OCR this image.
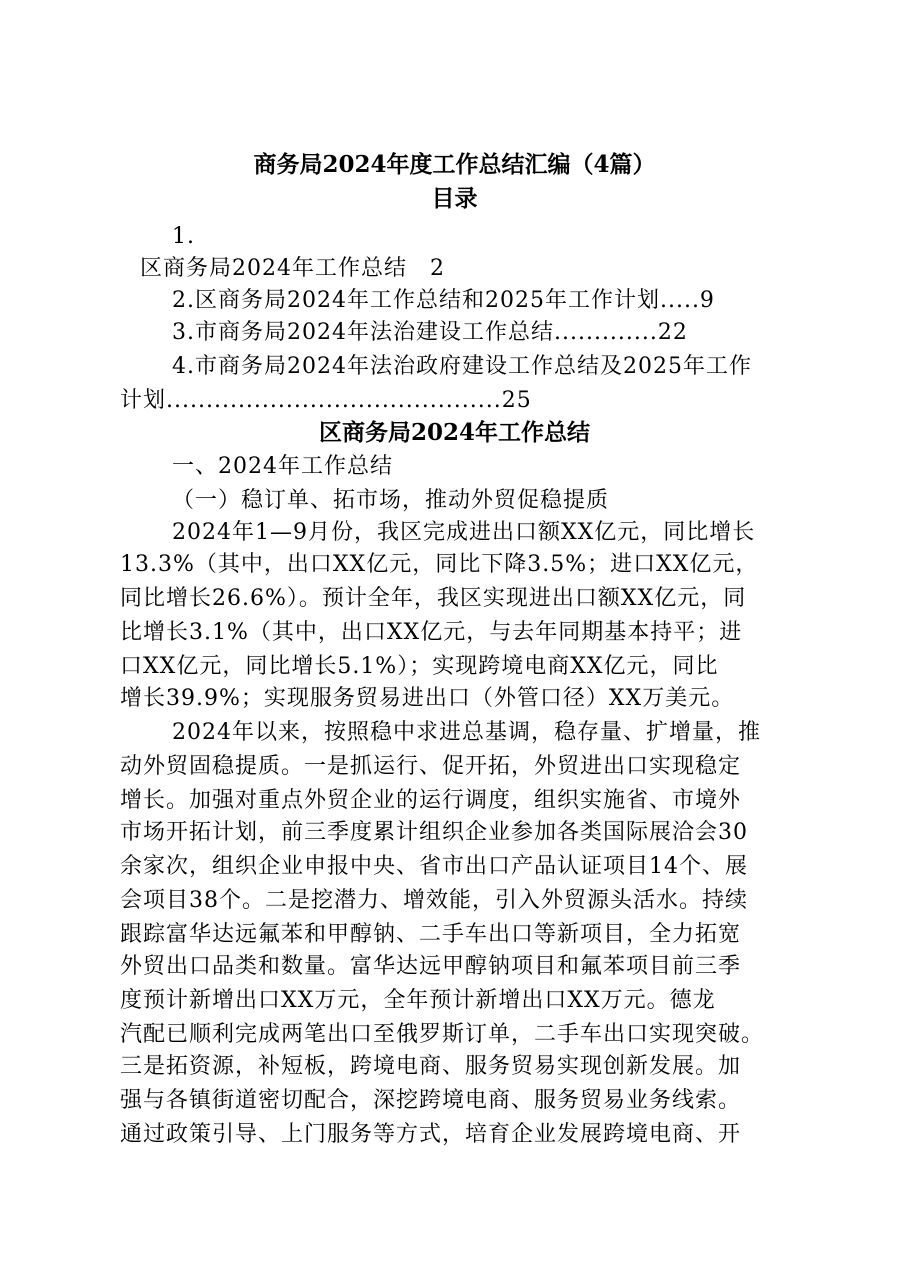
商务局2024年度工作总结汇编（4篇）
目录
1.
区商务局2024年工作总结　2
2.区商务局2024年工作总结和2025年工作计划.....9
3.市商务局2024年法治建设工作总结.............22
4.市商务局2024年法治政府建设工作总结及2025年工作
计划..........................................25
区商务局2024年工作总结
一、2024年工作总结
（一）稳订单、拓市场，推动外贸促稳提质
2024年1—9月份，我区完成进出口额XX亿元，同比增长
13.3%（其中，出口XX亿元，同比下降3.5%；进口XX亿元，
同比增长26.6%）。预计全年，我区实现进出口额XX亿元，同
比增长3.1%（其中，出口XX亿元，与去年同期基本持平；进
口XX亿元，同比增长5.1%）；实现跨境电商XX亿元，同比
增长39.9%；实现服务贸易进出口（外管口径）XX万美元。
2024年以来，按照稳中求进总基调，稳存量、扩增量，推
动外贸固稳提质。一是抓运行、促开拓，外贸进出口实现稳定
增长。加强对重点外贸企业的运行调度，组织实施省、市境外
市场开拓计划，前三季度累计组织企业参加各类国际展洽会30
余家次，组织企业申报中央、省市出口产品认证项目14个、展
会项目38个。二是挖潜力、增效能，引入外贸源头活水。持续
跟踪富华达远氟苯和甲醇钠、二手车出口等新项目，全力拓宽
外贸出口品类和数量。富华达远甲醇钠项目和氟苯项目前三季
度预计新增出口XX万元，全年预计新增出口XX万元。德龙
汽配已顺利完成两笔出口至俄罗斯订单，二手车出口实现突破。
三是拓资源，补短板，跨境电商、服务贸易实现创新发展。加
强与各镇街道密切配合，深挖跨境电商、服务贸易业务线索。
通过政策引导、上门服务等方式，培育企业发展跨境电商、开
